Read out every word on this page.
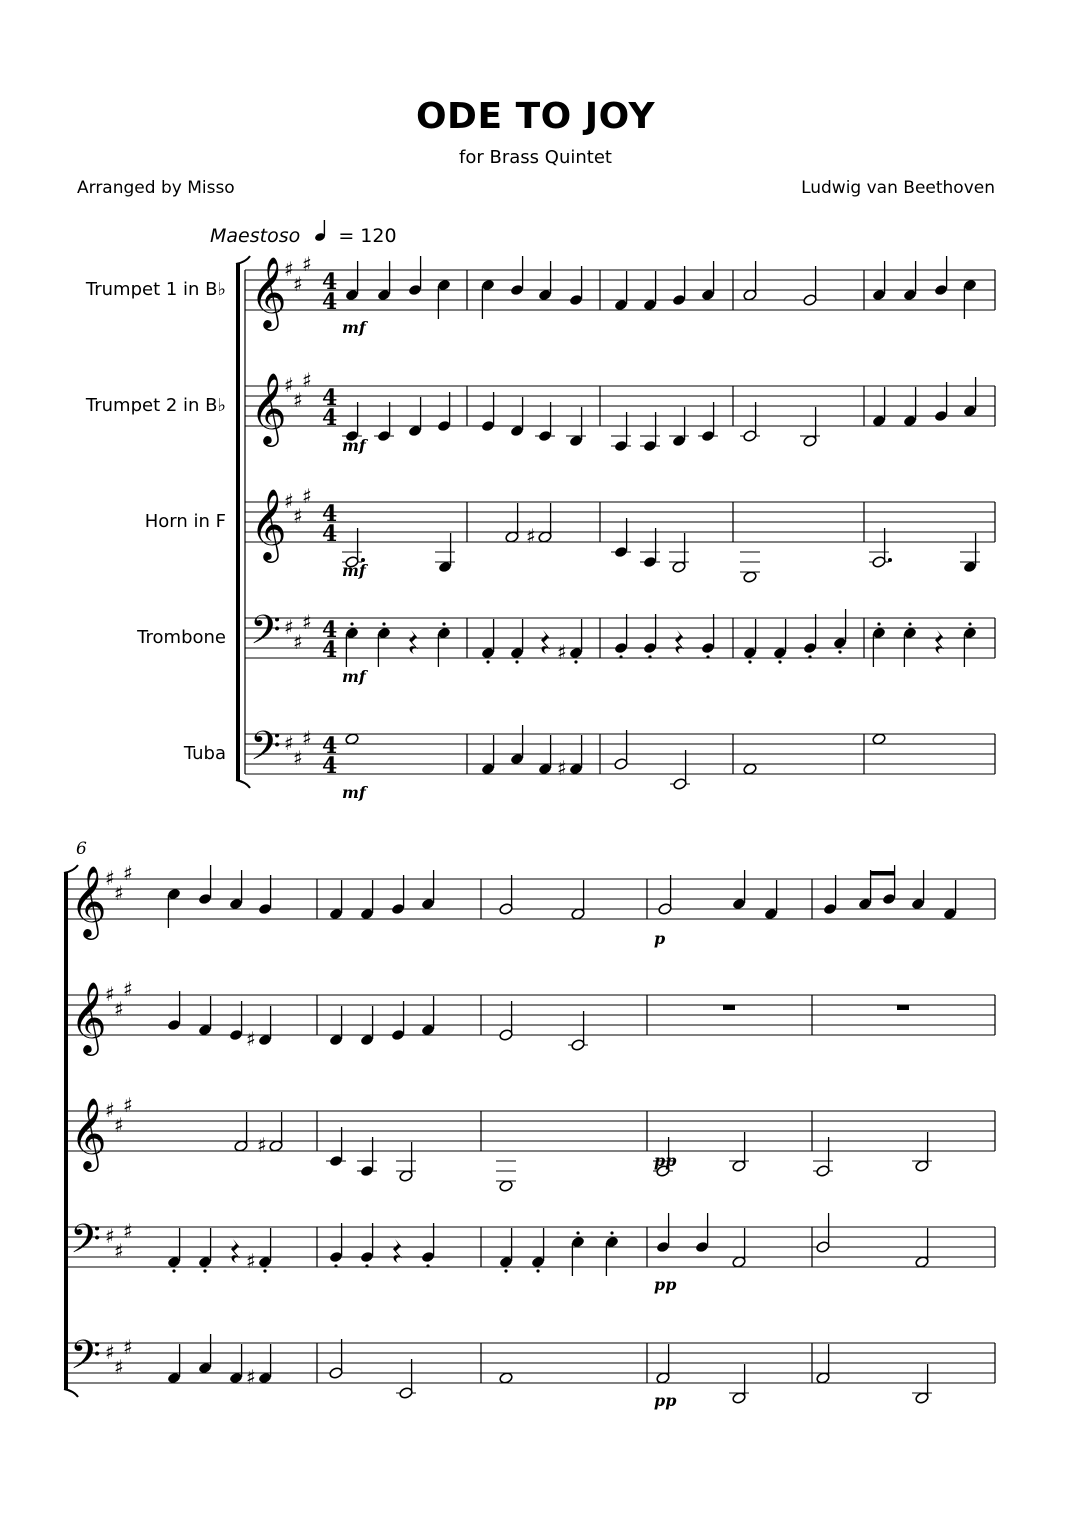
ODE TO JOY
for Brass Quintet
Arranged by Misso	Ludwig van Beethoven
Maestoso = 120
Trumpet 1 in B♭
Trumpet 2 in B♭
Horn in F
Trombone
Tuba
𝄞
♯
♯
♯
4
4
𝄞
♯
♯
♯
4
4
𝄞
♯
♯
♯
4
4
𝄢 ♯
♯
♯ 4
4
𝄢 ♯
♯
♯ 4
4
𝄞
♯
♯
♯
𝄞
♯
♯
♯
𝄞
♯
♯
♯
𝄢 ♯
♯
♯
𝄢 ♯
♯
♯
6
mf
mf
♯
mf
♯
mf
♯
mf
p
♯
♯
pp
♯
pp
♯
pp
